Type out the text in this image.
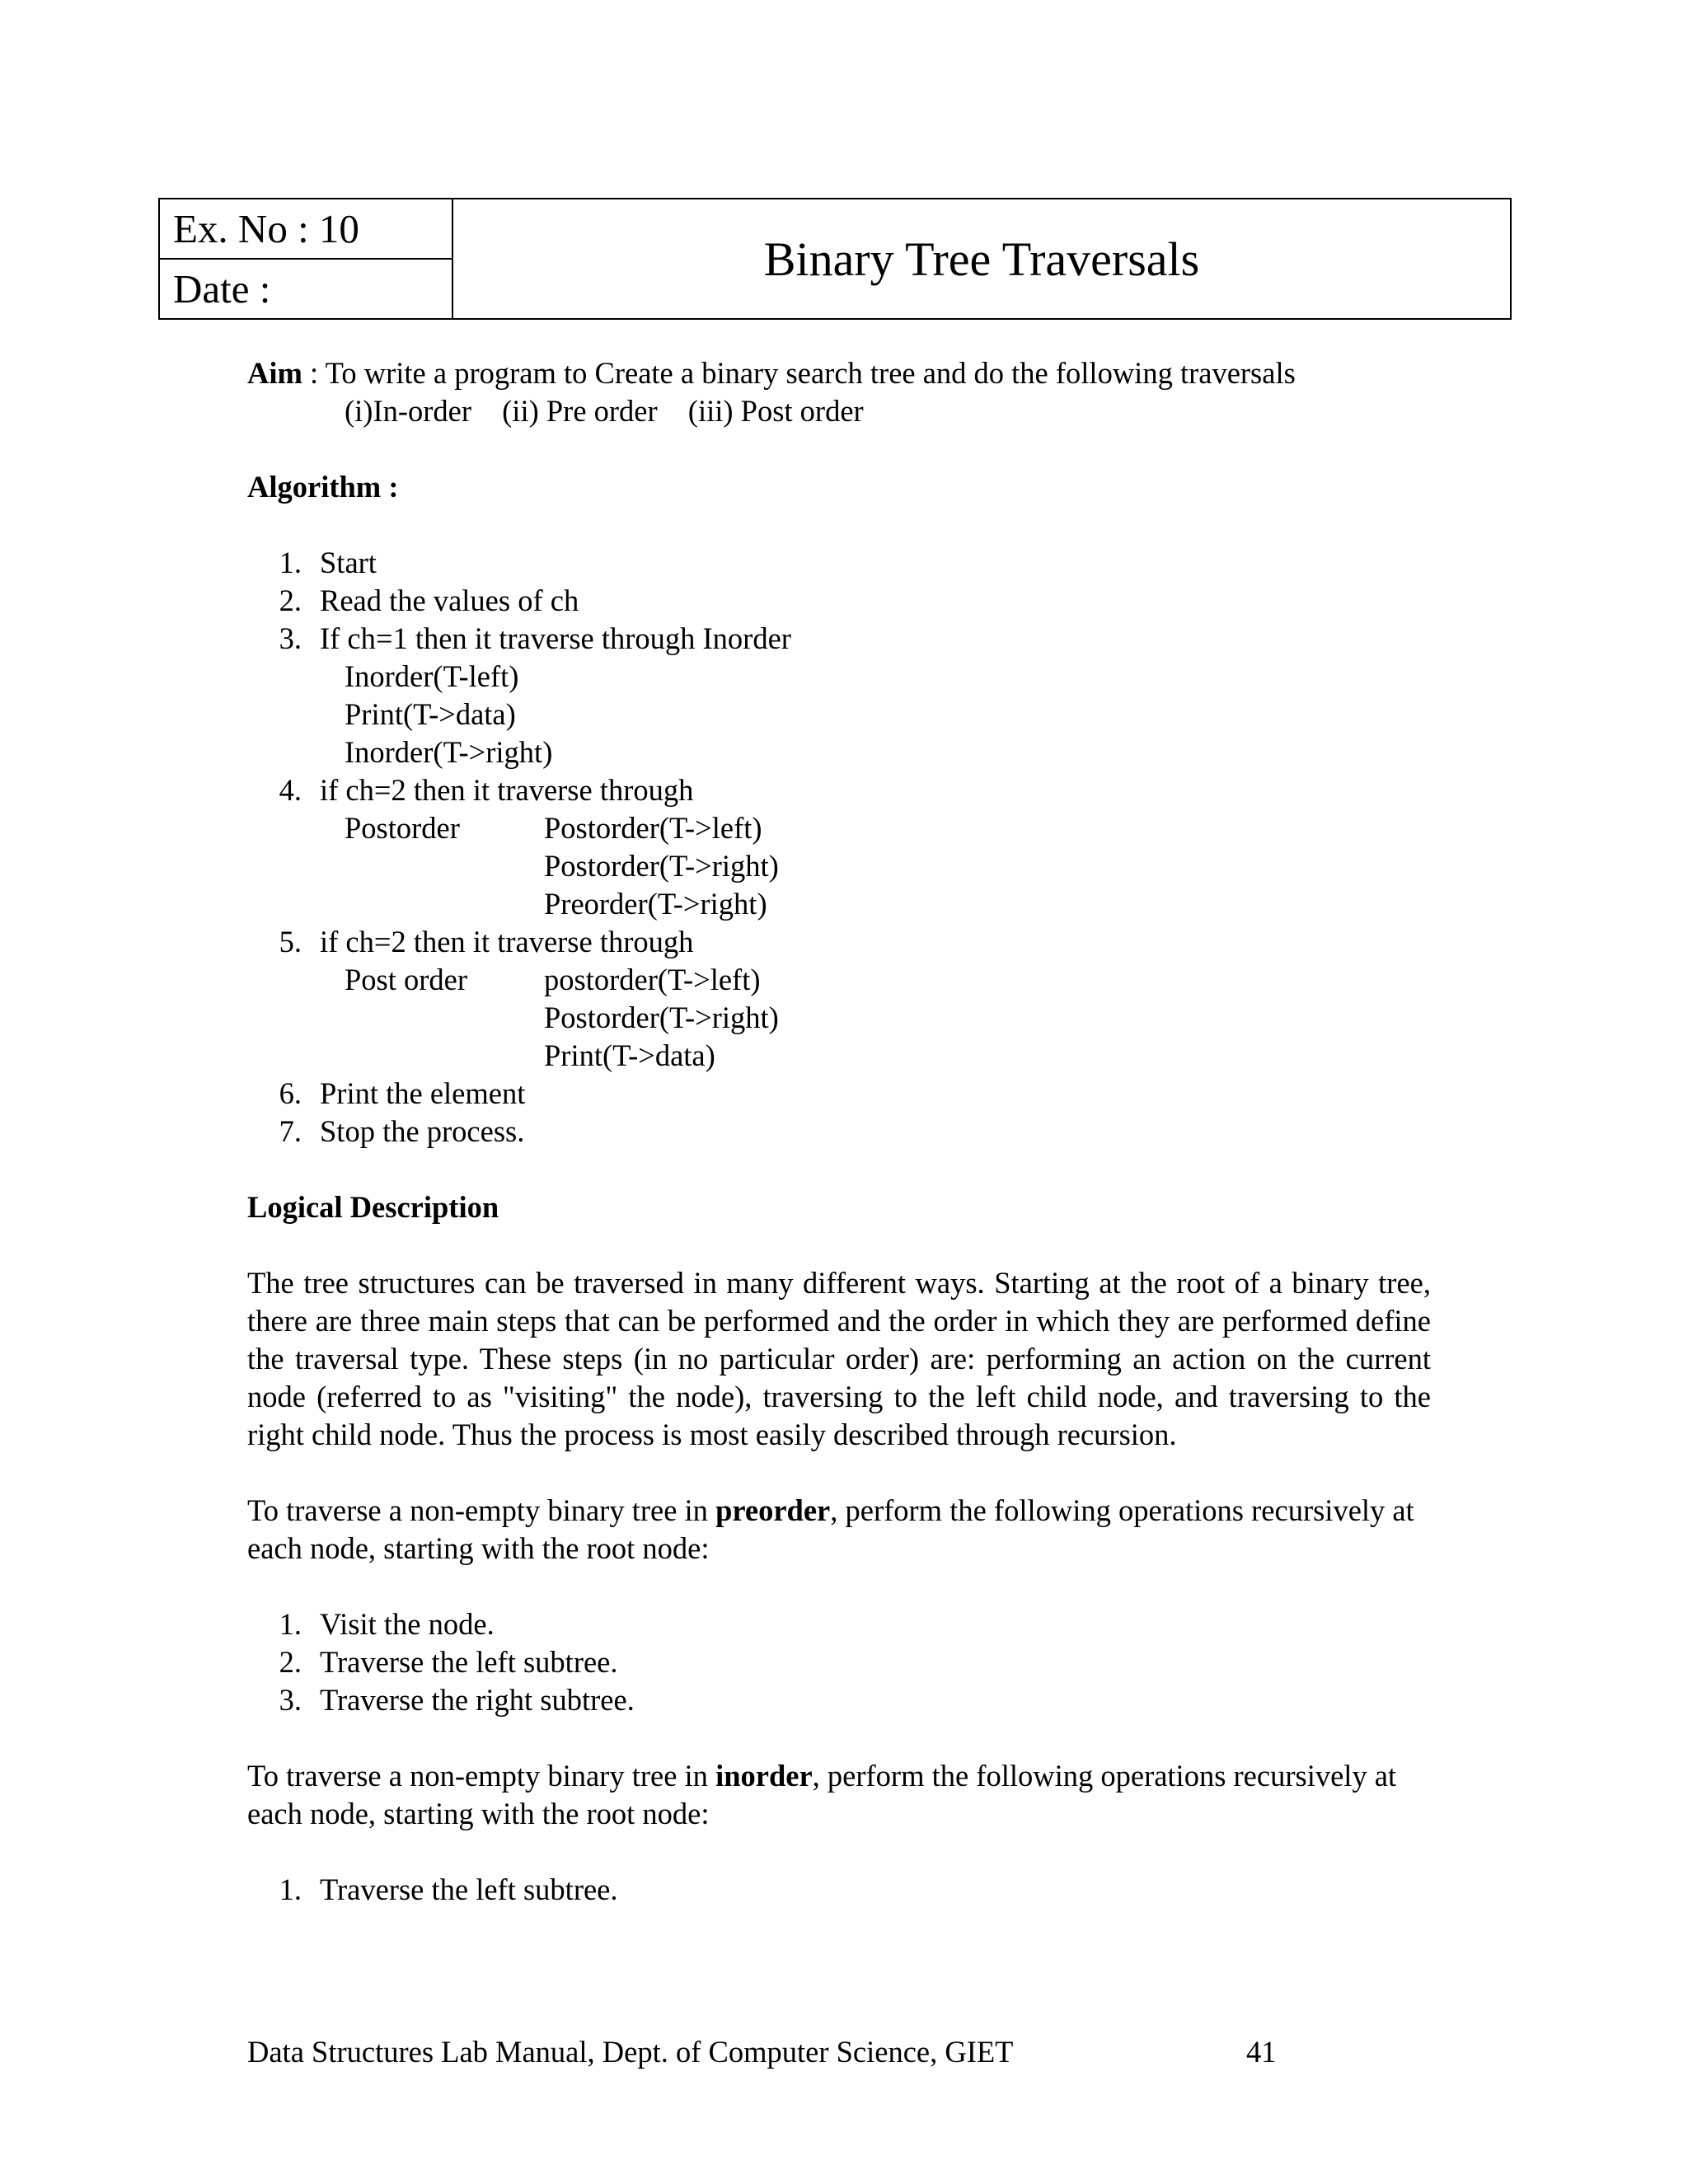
Ex. No : 10
Date :
Binary Tree Traversals

Aim : To write a program to Create a binary search tree and do the following traversals

(i)In-order (ii) Pre order (iii) Post order

Algorithm :

1. Start
2. Read the values of ch
3. If ch=1 then it traverse through Inorder
Inorder(T-left)
Print(T->data)
Inorder(T->right)
4. if ch=2 then it traverse through
Postorder	Postorder(T->left)
Postorder(T->right)
Preorder(T->right)
5. if ch=2 then it traverse through
Post order	postorder(T->left)
Postorder(T->right)
Print(T->data)
6. Print the element
7. Stop the process.

Logical Description

The tree structures can be traversed in many different ways. Starting at the root of a binary tree, there are three main steps that can be performed and the order in which they are performed define the traversal type. These steps (in no particular order) are: performing an action on the current node (referred to as "visiting" the node), traversing to the left child node, and traversing to the right child node. Thus the process is most easily described through recursion.

To traverse a non-empty binary tree in preorder, perform the following operations recursively at each node, starting with the root node:

1. Visit the node.
2. Traverse the left subtree.
3. Traverse the right subtree.

To traverse a non-empty binary tree in inorder, perform the following operations recursively at each node, starting with the root node:

1. Traverse the left subtree.
Data Structures Lab Manual, Dept. of Computer Science, GIET	41
